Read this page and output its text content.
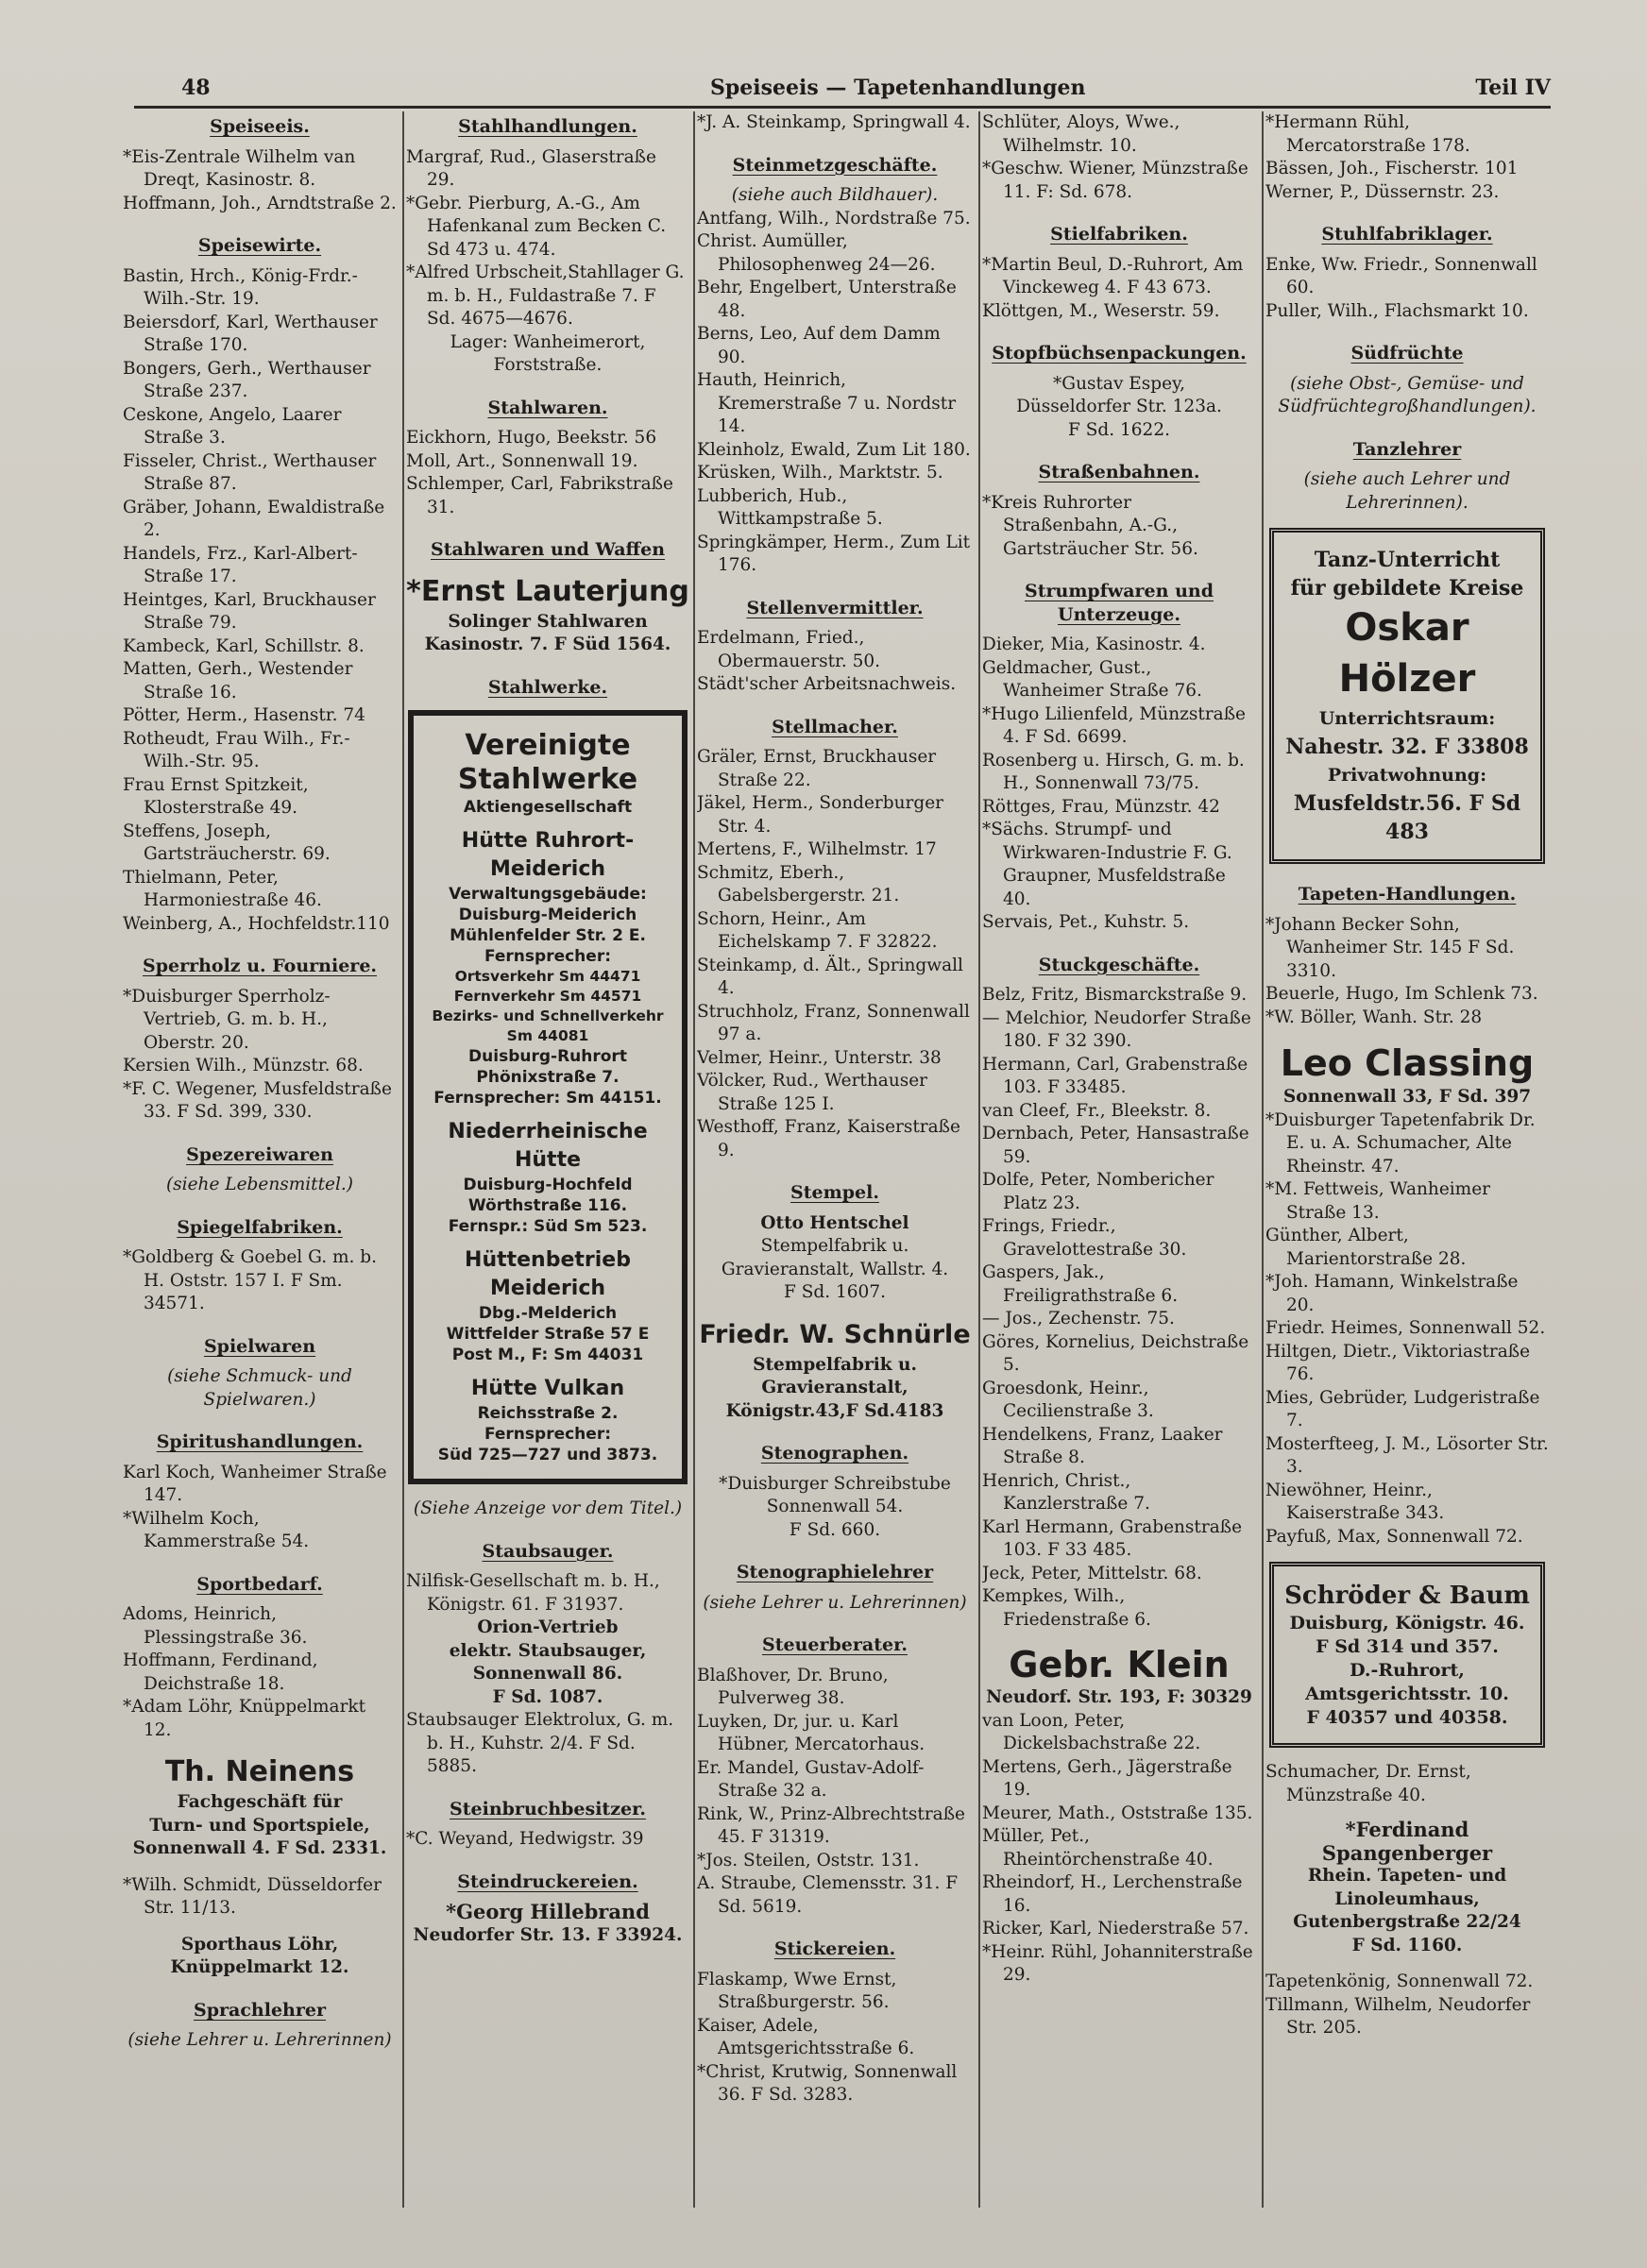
48	Speiseeis — Tapetenhandlungen	Teil IV
Speiseeis.
*Eis-Zentrale Wilhelm van Dreqt, Kasinostr. 8.
Hoffmann, Joh., Arndtstraße 2.
Speisewirte.
Bastin, Hrch., König-Frdr.-Wilh.-Str. 19.
Beiersdorf, Karl, Werthauser Straße 170.
Bongers, Gerh., Werthauser Straße 237.
Ceskone, Angelo, Laarer Straße 3.
Fisseler, Christ., Werthauser Straße 87.
Gräber, Johann, Ewaldistraße 2.
Handels, Frz., Karl-Albert-Straße 17.
Heintges, Karl, Bruckhauser Straße 79.
Kambeck, Karl, Schillstr. 8.
Matten, Gerh., Westender Straße 16.
Pötter, Herm., Hasenstr. 74
Rotheudt, Frau Wilh., Fr.-Wilh.-Str. 95.
Frau Ernst Spitzkeit, Klosterstraße 49.
Steffens, Joseph, Gartsträucherstr. 69.
Thielmann, Peter, Harmoniestraße 46.
Weinberg, A., Hochfeldstr.110
Sperrholz u. Fourniere.
*Duisburger Sperrholz-Vertrieb, G. m. b. H., Oberstr. 20.
Kersien Wilh., Münzstr. 68.
*F. C. Wegener, Musfeldstraße 33. F Sd. 399, 330.
Spezereiwaren
(siehe Lebensmittel.)
Spiegelfabriken.
*Goldberg & Goebel G. m. b. H. Oststr. 157 I. F Sm. 34571.
Spielwaren
(siehe Schmuck- und Spielwaren.)
Spiritushandlungen.
Karl Koch, Wanheimer Straße 147.
*Wilhelm Koch, Kammerstraße 54.
Sportbedarf.
Adoms, Heinrich, Plessingstraße 36.
Hoffmann, Ferdinand, Deichstraße 18.
*Adam Löhr, Knüppelmarkt 12.
Th. Neinens
Fachgeschäft für
Turn- und Sportspiele,
Sonnenwall 4. F Sd. 2331.
*Wilh. Schmidt, Düsseldorfer Str. 11/13.
Sporthaus Löhr,
Knüppelmarkt 12.
Sprachlehrer
(siehe Lehrer u. Lehrerinnen)
Stahlhandlungen.
Margraf, Rud., Glaserstraße 29.
*Gebr. Pierburg, A.-G., Am Hafenkanal zum Becken C. Sd 473 u. 474.
*Alfred Urbscheit,Stahllager G. m. b. H., Fuldastraße 7. F Sd. 4675—4676.
Lager: Wanheimerort, Forststraße.
Stahlwaren.
Eickhorn, Hugo, Beekstr. 56
Moll, Art., Sonnenwall 19.
Schlemper, Carl, Fabrikstraße 31.
Stahlwaren und Waffen
*Ernst Lauterjung
Solinger Stahlwaren
Kasinostr. 7. F Süd 1564.
Stahlwerke.
Vereinigte
Stahlwerke
Aktiengesellschaft
Hütte Ruhrort-Meiderich
Verwaltungsgebäude:
Duisburg-Meiderich
Mühlenfelder Str. 2 E.
Fernsprecher:
Ortsverkehr Sm 44471
Fernverkehr Sm 44571
Bezirks- und Schnellverkehr Sm 44081
Duisburg-Ruhrort
Phönixstraße 7.
Fernsprecher: Sm 44151.
Niederrheinische Hütte
Duisburg-Hochfeld
Wörthstraße 116.
Fernspr.: Süd Sm 523.
Hüttenbetrieb Meiderich
Dbg.-Melderich
Wittfelder Straße 57 E
Post M., F: Sm 44031
Hütte Vulkan
Reichsstraße 2.
Fernsprecher:
Süd 725—727 und 3873.
(Siehe Anzeige vor dem Titel.)
Staubsauger.
Nilfisk-Gesellschaft m. b. H., Königstr. 61. F 31937.
Orion-Vertrieb
elektr. Staubsauger,
Sonnenwall 86.
F Sd. 1087.
Staubsauger Elektrolux, G. m. b. H., Kuhstr. 2/4. F Sd. 5885.
Steinbruchbesitzer.
*C. Weyand, Hedwigstr. 39
Steindruckereien.
*Georg Hillebrand
Neudorfer Str. 13. F 33924.
*J. A. Steinkamp, Springwall 4.
Steinmetzgeschäfte.
(siehe auch Bildhauer).
Antfang, Wilh., Nordstraße 75.
Christ. Aumüller, Philosophenweg 24—26.
Behr, Engelbert, Unterstraße 48.
Berns, Leo, Auf dem Damm 90.
Hauth, Heinrich, Kremerstraße 7 u. Nordstr 14.
Kleinholz, Ewald, Zum Lit 180.
Krüsken, Wilh., Marktstr. 5.
Lubberich, Hub., Wittkampstraße 5.
Springkämper, Herm., Zum Lit 176.
Stellenvermittler.
Erdelmann, Fried., Obermauerstr. 50.
Städt'scher Arbeitsnachweis.
Stellmacher.
Gräler, Ernst, Bruckhauser Straße 22.
Jäkel, Herm., Sonderburger Str. 4.
Mertens, F., Wilhelmstr. 17
Schmitz, Eberh., Gabelsbergerstr. 21.
Schorn, Heinr., Am Eichelskamp 7. F 32822.
Steinkamp, d. Ält., Springwall 4.
Struchholz, Franz, Sonnenwall 97 a.
Velmer, Heinr., Unterstr. 38
Völcker, Rud., Werthauser Straße 125 I.
Westhoff, Franz, Kaiserstraße 9.
Stempel.
Otto Hentschel
Stempelfabrik u. Gravieranstalt, Wallstr. 4.
F Sd. 1607.
Friedr. W. Schnürle
Stempelfabrik u. Gravieranstalt, Königstr.43,F Sd.4183
Stenographen.
*Duisburger Schreibstube
Sonnenwall 54.
F Sd. 660.
Stenographielehrer
(siehe Lehrer u. Lehrerinnen)
Steuerberater.
Blaßhover, Dr. Bruno, Pulverweg 38.
Luyken, Dr, jur. u. Karl Hübner, Mercatorhaus.
Er. Mandel, Gustav-Adolf-Straße 32 a.
Rink, W., Prinz-Albrechtstraße 45. F 31319.
*Jos. Steilen, Oststr. 131.
A. Straube, Clemensstr. 31. F Sd. 5619.
Stickereien.
Flaskamp, Wwe Ernst, Straßburgerstr. 56.
Kaiser, Adele, Amtsgerichtsstraße 6.
*Christ, Krutwig, Sonnenwall 36. F Sd. 3283.
Schlüter, Aloys, Wwe., Wilhelmstr. 10.
*Geschw. Wiener, Münzstraße 11. F: Sd. 678.
Stielfabriken.
*Martin Beul, D.-Ruhrort, Am Vinckeweg 4. F 43 673.
Klöttgen, M., Weserstr. 59.
Stopfbüchsenpackungen.
*Gustav Espey,
Düsseldorfer Str. 123a.
F Sd. 1622.
Straßenbahnen.
*Kreis Ruhrorter Straßenbahn, A.-G., Gartsträucher Str. 56.
Strumpfwaren und Unterzeuge.
Dieker, Mia, Kasinostr. 4.
Geldmacher, Gust., Wanheimer Straße 76.
*Hugo Lilienfeld, Münzstraße 4. F Sd. 6699.
Rosenberg u. Hirsch, G. m. b. H., Sonnenwall 73/75.
Röttges, Frau, Münzstr. 42
*Sächs. Strumpf- und Wirkwaren-Industrie F. G. Graupner, Musfeldstraße 40.
Servais, Pet., Kuhstr. 5.
Stuckgeschäfte.
Belz, Fritz, Bismarckstraße 9.
— Melchior, Neudorfer Straße 180. F 32 390.
Hermann, Carl, Grabenstraße 103. F 33485.
van Cleef, Fr., Bleekstr. 8.
Dernbach, Peter, Hansastraße 59.
Dolfe, Peter, Nombericher Platz 23.
Frings, Friedr., Gravelottestraße 30.
Gaspers, Jak., Freiligrathstraße 6.
— Jos., Zechenstr. 75.
Göres, Kornelius, Deichstraße 5.
Groesdonk, Heinr., Cecilienstraße 3.
Hendelkens, Franz, Laaker Straße 8.
Henrich, Christ., Kanzlerstraße 7.
Karl Hermann, Grabenstraße 103. F 33 485.
Jeck, Peter, Mittelstr. 68.
Kempkes, Wilh., Friedenstraße 6.
Gebr. Klein
Neudorf. Str. 193, F: 30329
van Loon, Peter, Dickelsbachstraße 22.
Mertens, Gerh., Jägerstraße 19.
Meurer, Math., Oststraße 135.
Müller, Pet., Rheintörchenstraße 40.
Rheindorf, H., Lerchenstraße 16.
Ricker, Karl, Niederstraße 57.
*Heinr. Rühl, Johanniterstraße 29.
*Hermann Rühl, Mercatorstraße 178.
Bässen, Joh., Fischerstr. 101
Werner, P., Düssernstr. 23.
Stuhlfabriklager.
Enke, Ww. Friedr., Sonnenwall 60.
Puller, Wilh., Flachsmarkt 10.
Südfrüchte
(siehe Obst-, Gemüse- und Südfrüchtegroßhandlungen).
Tanzlehrer
(siehe auch Lehrer und Lehrerinnen).
Tanz-Unterricht
für gebildete Kreise
Oskar Hölzer
Unterrichtsraum:
Nahestr. 32. F 33808
Privatwohnung:
Musfeldstr.56. F Sd 483
Tapeten-Handlungen.
*Johann Becker Sohn, Wanheimer Str. 145 F Sd. 3310.
Beuerle, Hugo, Im Schlenk 73.
*W. Böller, Wanh. Str. 28
Leo Classing
Sonnenwall 33, F Sd. 397
*Duisburger Tapetenfabrik Dr. E. u. A. Schumacher, Alte Rheinstr. 47.
*M. Fettweis, Wanheimer Straße 13.
Günther, Albert, Marientorstraße 28.
*Joh. Hamann, Winkelstraße 20.
Friedr. Heimes, Sonnenwall 52.
Hiltgen, Dietr., Viktoriastraße 76.
Mies, Gebrüder, Ludgeristraße 7.
Mosterfteeg, J. M., Lösorter Str. 3.
Niewöhner, Heinr., Kaiserstraße 343.
Payfuß, Max, Sonnenwall 72.
Schröder & Baum
Duisburg, Königstr. 46.
F Sd 314 und 357.
D.-Ruhrort,
Amtsgerichtsstr. 10.
F 40357 und 40358.
Schumacher, Dr. Ernst, Münzstraße 40.
*Ferdinand Spangenberger
Rhein. Tapeten- und Linoleumhaus,
Gutenbergstraße 22/24
F Sd. 1160.
Tapetenkönig, Sonnenwall 72.
Tillmann, Wilhelm, Neudorfer Str. 205.
